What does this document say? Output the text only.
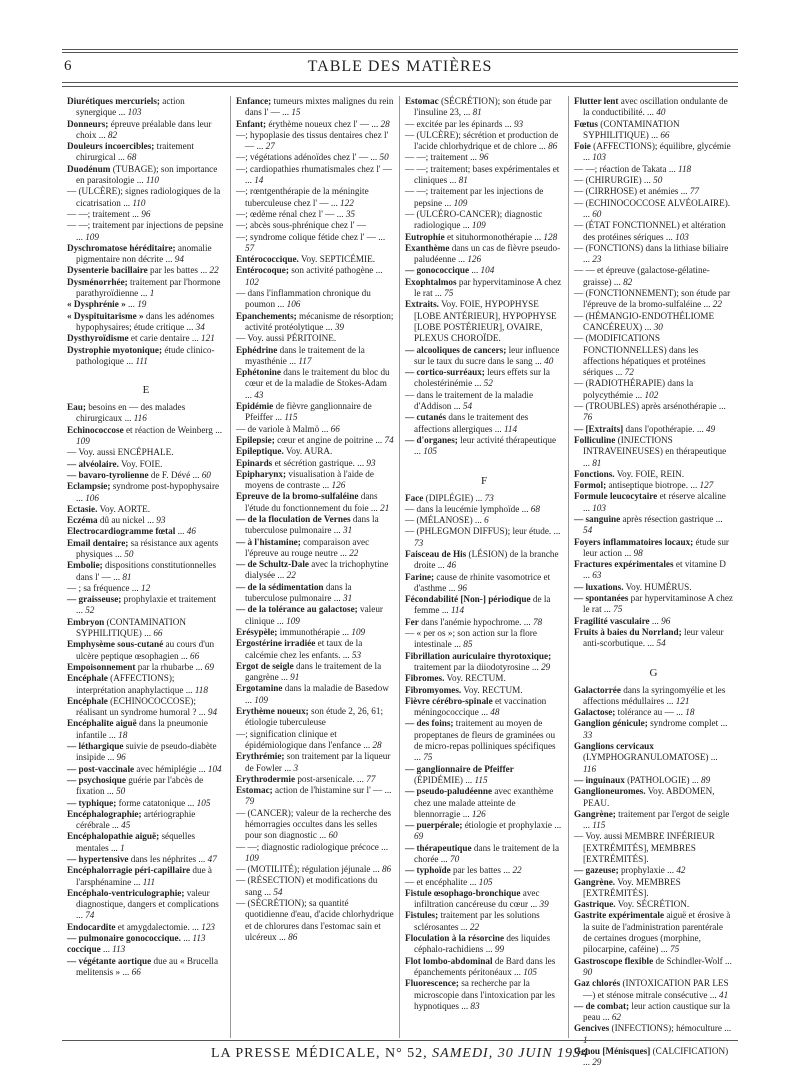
6	TABLE DES MATIÈRES

Diurétiques mercuriels; action synergique ... 103

Donneurs; épreuve préalable dans leur choix ... 82

Douleurs incoercibles; traitement chirurgical ... 68

Duodénum (TUBAGE); son importance en parasitologie ... 110

— (ULCÈRE); signes radiologiques de la cicatrisation ... 110

— —; traitement ... 96

— —; traitement par injections de pepsine ... 109

Dyschromatose héréditaire; anomalie pigmentaire non décrite ... 94

Dysenterie bacillaire par les battes ... 22

Dysménorrhée; traitement par l'hormone parathyroïdienne ... 1

« Dysphrénie » ... 19

« Dyspituitarisme » dans les adénomes hypophysaires; étude critique ... 34

Dysthyroïdisme et carie dentaire ... 121

Dystrophie myotonique; étude clinico-pathologique ... 111

E

Eau; besoins en — des malades chirurgicaux ... 116

Echinococcose et réaction de Weinberg ... 109

— Voy. aussi ENCÉPHALE.

— alvéolaire. Voy. FOIE.

— bavaro-tyrolienne de F. Dévé ... 60

Eclampsie; syndrome post-hypophysaire ... 106

Ectasie. Voy. AORTE.

Eczéma dû au nickel ... 93

Electrocardiogramme fœtal ... 46

Email dentaire; sa résistance aux agents physiques ... 50

Embolie; dispositions constitutionnelles dans l' — ... 81

— ; sa fréquence ... 12

— graisseuse; prophylaxie et traitement ... 52

Embryon (CONTAMINATION SYPHILITIQUE) ... 66

Emphysème sous-cutané au cours d'un ulcère peptique œsophagien ... 66

Empoisonnement par la rhubarbe ... 69

Encéphale (AFFECTIONS); interprétation anaphylactique ... 118

Encéphale (ECHINOCOCCOSE); réalisant un syndrome humoral ? ... 94

Encéphalite aiguë dans la pneumonie infantile ... 18

— léthargique suivie de pseudo-diabète insipide ... 96

— post-vaccinale avec hémiplégie ... 104

— psychosique guérie par l'abcès de fixation ... 50

— typhique; forme catatonique ... 105

Encéphalographie; artériographie cérébrale ... 45

Encéphalopathie aiguë; séquelles mentales ... 1

— hypertensive dans les néphrites ... 47

Encéphalorragie péri-capillaire due à l'arsphénamine ... 111

Encéphalo-ventriculographie; valeur diagnostique, dangers et complications ... 74

Endocardite et amygdalectomie. ... 123

— pulmonaire gonococcique. ... 113

coccique ... 113

— végétante aortique due au « Brucella melitensis » ... 66

Enfance; tumeurs mixtes malignes du rein dans l' — ... 15

Enfant; érythème noueux chez l' — ... 28

—; hypoplasie des tissus dentaires chez l' — ... 27

—; végétations adénoïdes chez l' — ... 50

—; cardiopathies rhumatismales chez l' — ... 14

—; rœntgenthérapie de la méningite tuberculeuse chez l' — ... 122

—; œdème rénal chez l' — ... 35

—; abcès sous-phrénique chez l' —

—; syndrome colique fétide chez l' — ... 57

Entérococcique. Voy. SEPTICÉMIE.

Entérocoque; son activité pathogène ... 102

— dans l'inflammation chronique du poumon ... 106

Epanchements; mécanisme de résorption; activité protéolytique ... 39

— Voy. aussi PÉRITOINE.

Ephédrine dans le traitement de la myasthénie ... 117

Ephétonine dans le traitement du bloc du cœur et de la maladie de Stokes-Adam ... 43

Epidémie de fièvre ganglionnaire de Pfeiffer ... 115

— de variole à Malmö ... 66

Epilepsie; cœur et angine de poitrine ... 74

Epileptique. Voy. AURA.

Epinards et sécrétion gastrique. ... 93

Epipharynx; visualisation à l'aide de moyens de contraste ... 126

Epreuve de la bromo-sulfaléine dans l'étude du fonctionnement du foie ... 21

— de la floculation de Vernes dans la tuberculose pulmonaire ... 31

— à l'histamine; comparaison avec l'épreuve au rouge neutre ... 22

— de Schultz-Dale avec la trichophytine dialysée ... 22

— de la sédimentation dans la tuberculose pulmonaire ... 31

— de la tolérance au galactose; valeur clinique ... 109

Erésypèle; immunothérapie ... 109

Ergostérine irradiée et taux de la calcémie chez les enfants. ... 53

Ergot de seigle dans le traitement de la gangrène ... 91

Ergotamine dans la maladie de Basedow ... 109

Erythème noueux; son étude 2, 26, 61; étiologie tuberculeuse

—; signification clinique et épidémiologique dans l'enfance ... 28

Erythrémie; son traitement par la liqueur de Fowler ... 3

Erythrodermie post-arsenicale. ... 77

Estomac; action de l'histamine sur l' — ... 79

— (CANCER); valeur de la recherche des hémorragies occultes dans les selles pour son diagnostic ... 60

— —; diagnostic radiologique précoce ... 109

— (MOTILITÉ); régulation jéjunale ... 86

— (RÉSECTION) et modifications du sang ... 54

— (SÉCRÉTION); sa quantité quotidienne d'eau, d'acide chlorhydrique et de chlorures dans l'estomac sain et ulcéreux ... 86

Estomac (SÉCRÉTION); son étude par l'insuline 23, ... 81

— excitée par les épinards ... 93

— (ULCÈRE); sécrétion et production de l'acide chlorhydrique et de chlore ... 86

— —; traitement ... 96

— —; traitement; bases expérimentales et cliniques ... 81

— —; traitement par les injections de pepsine ... 109

— (ULCÉRO-CANCER); diagnostic radiologique ... 109

Eutrophie et situhormonothérapie ... 128

Exanthème dans un cas de fièvre pseudo-paludéenne ... 126

— gonococcique ... 104

Exophtalmos par hypervitaminose A chez le rat ... 75

Extraits. Voy. FOIE, HYPOPHYSE [LOBE ANTÉRIEUR], HYPOPHYSE [LOBE POSTÉRIEUR], OVAIRE, PLEXUS CHOROÏDE.

— alcooliques de cancers; leur influence sur le taux du sucre dans le sang ... 40

— cortico-surréaux; leurs effets sur la cholestérinémie ... 52

— dans le traitement de la maladie d'Addison ... 54

— cutanés dans le traitement des affections allergiques ... 114

— d'organes; leur activité thérapeutique ... 105

F

Face (DIPLÉGIE) ... 73

— dans la leucémie lymphoïde ... 68

— (MÉLANOSE) ... 6

— (PHLEGMON DIFFUS); leur étude. ... 73

Faisceau de His (LÉSION) de la branche droite ... 46

Farine; cause de rhinite vasomotrice et d'asthme ... 96

Fécondabilité [Non-] périodique de la femme ... 114

Fer dans l'anémie hypochrome. ... 78

— « per os »; son action sur la flore intestinale ... 85

Fibrillation auriculaire thyrotoxique; traitement par la diiodotyrosine ... 29

Fibromes. Voy. RECTUM.

Fibromyomes. Voy. RECTUM.

Fièvre cérébro-spinale et vaccination méningococcique ... 48

— des foins; traitement au moyen de propeptanes de fleurs de graminées ou de micro-repas polliniques spécifiques ... 75

— ganglionnaire de Pfeiffer (ÉPIDÉMIE) ... 115

— pseudo-paludéenne avec exanthème chez une malade atteinte de blennorragie ... 126

— puerpérale; étiologie et prophylaxie ... 69

— thérapeutique dans le traitement de la chorée ... 70

— typhoïde par les battes ... 22

— et encéphalite ... 105

Fistule œsophago-bronchique avec infiltration cancéreuse du cœur ... 39

Fistules; traitement par les solutions sclérosantes ... 22

Floculation à la résorcine des liquides céphalo-rachidiens ... 99

Flot lombo-abdominal de Bard dans les épanchements péritonéaux ... 105

Fluorescence; sa recherche par la microscopie dans l'intoxication par les hypnotiques ... 83

Flutter lent avec oscillation ondulante de la conductibilité. ... 40

Fœtus (CONTAMINATION SYPHILITIQUE) ... 66

Foie (AFFECTIONS); équilibre, glycémie ... 103

— —; réaction de Takata ... 118

— (CHIRURGIE) ... 50

— (CIRRHOSE) et anémies ... 77

— (ECHINOCOCCOSE ALVÉOLAIRE). ... 60

— (ÉTAT FONCTIONNEL) et altération des protéines sériques ... 103

— (FONCTIONS) dans la lithiase biliaire ... 23

— — et épreuve (galactose-gélatine-graisse) ... 82

— (FONCTIONNEMENT); son étude par l'épreuve de la bromo-sulfaléine ... 22

— (HÉMANGIO-ENDOTHÉLIOME CANCÉREUX) ... 30

— (MODIFICATIONS FONCTIONNELLES) dans les affections hépatiques et protéines sériques ... 72

— (RADIOTHÉRAPIE) dans la polycythémie ... 102

— (TROUBLES) après arsénothérapie ... 76

— [Extraits] dans l'opothérapie. ... 49

Folliculine (INJECTIONS INTRAVEINEUSES) en thérapeutique ... 81

Fonctions. Voy. FOIE, REIN.

Formol; antiseptique biotrope. ... 127

Formule leucocytaire et réserve alcaline ... 103

— sanguine après résection gastrique ... 54

Foyers inflammatoires locaux; étude sur leur action ... 98

Fractures expérimentales et vitamine D ... 63

— luxations. Voy. HUMÉRUS.

— spontanées par hypervitaminose A chez le rat ... 75

Fragilité vasculaire ... 96

Fruits à baies du Norrland; leur valeur anti-scorbutique. ... 54

G

Galactorrée dans la syringomyélie et les affections médullaires ... 121

Galactose; tolérance au — ... 18

Ganglion génicule; syndrome complet ... 33

Ganglions cervicaux (LYMPHOGRANULOMATOSE) ... 116

— inguinaux (PATHOLOGIE) ... 89

Ganglioneuromes. Voy. ABDOMEN, PEAU.

Gangrène; traitement par l'ergot de seigle ... 115

— Voy. aussi MEMBRE INFÉRIEUR [EXTRÉMITÉS], MEMBRES [EXTRÉMITÉS].

— gazeuse; prophylaxie ... 42

Gangrène. Voy. MEMBRES [EXTRÉMITÉS].

Gastrique. Voy. SÉCRÉTION.

Gastrite expérimentale aiguë et érosive à la suite de l'administration parentérale de certaines drogues (morphine, pilocarpine, caféine) ... 75

Gastroscope flexible de Schindler-Wolf ... 90

Gaz chlorés (INTOXICATION PAR LES —) et sténose mitrale consécutive ... 41

— de combat; leur action caustique sur la peau ... 62

Gencives (INFECTIONS); hémoculture ... 1

Genou [Ménisques] (CALCIFICATION) ... 29

LA PRESSE MÉDICALE, N° 52, SAMEDI, 30 JUIN 1934
